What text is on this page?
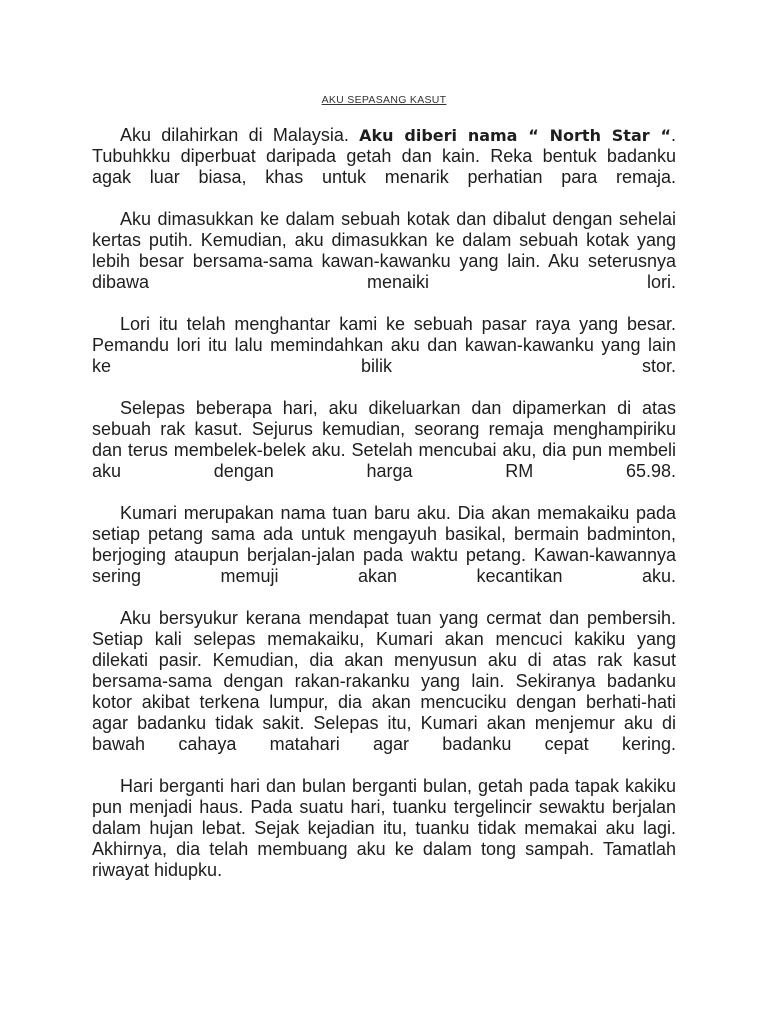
AKU SEPASANG KASUT

Aku dilahirkan di Malaysia. Aku diberi nama “ North Star “. Tubuhkku diperbuat daripada getah dan kain. Reka bentuk badanku agak luar biasa, khas untuk menarik perhatian para remaja.

Aku dimasukkan ke dalam sebuah kotak dan dibalut dengan sehelai kertas putih. Kemudian, aku dimasukkan ke dalam sebuah kotak yang lebih besar bersama-sama kawan-kawanku yang lain. Aku seterusnya dibawa menaiki lori.

Lori itu telah menghantar kami ke sebuah pasar raya yang besar. Pemandu lori itu lalu memindahkan aku dan kawan-kawanku yang lain ke bilik stor.

Selepas beberapa hari, aku dikeluarkan dan dipamerkan di atas sebuah rak kasut. Sejurus kemudian, seorang remaja menghampiriku dan terus membelek-belek aku. Setelah mencubai aku, dia pun membeli aku dengan harga RM 65.98.

Kumari merupakan nama tuan baru aku. Dia akan memakaiku pada setiap petang sama ada untuk mengayuh basikal, bermain badminton, berjoging ataupun berjalan-jalan pada waktu petang. Kawan-kawannya sering memuji akan kecantikan aku.

Aku bersyukur kerana mendapat tuan yang cermat dan pembersih. Setiap kali selepas memakaiku, Kumari akan mencuci kakiku yang dilekati pasir. Kemudian, dia akan menyusun aku di atas rak kasut bersama-sama dengan rakan-rakanku yang lain. Sekiranya badanku kotor akibat terkena lumpur, dia akan mencuciku dengan berhati-hati agar badanku tidak sakit. Selepas itu, Kumari akan menjemur aku di bawah cahaya matahari agar badanku cepat kering.

Hari berganti hari dan bulan berganti bulan, getah pada tapak kakiku pun menjadi haus. Pada suatu hari, tuanku tergelincir sewaktu berjalan dalam hujan lebat. Sejak kejadian itu, tuanku tidak memakai aku lagi. Akhirnya, dia telah membuang aku ke dalam tong sampah. Tamatlah riwayat hidupku.
